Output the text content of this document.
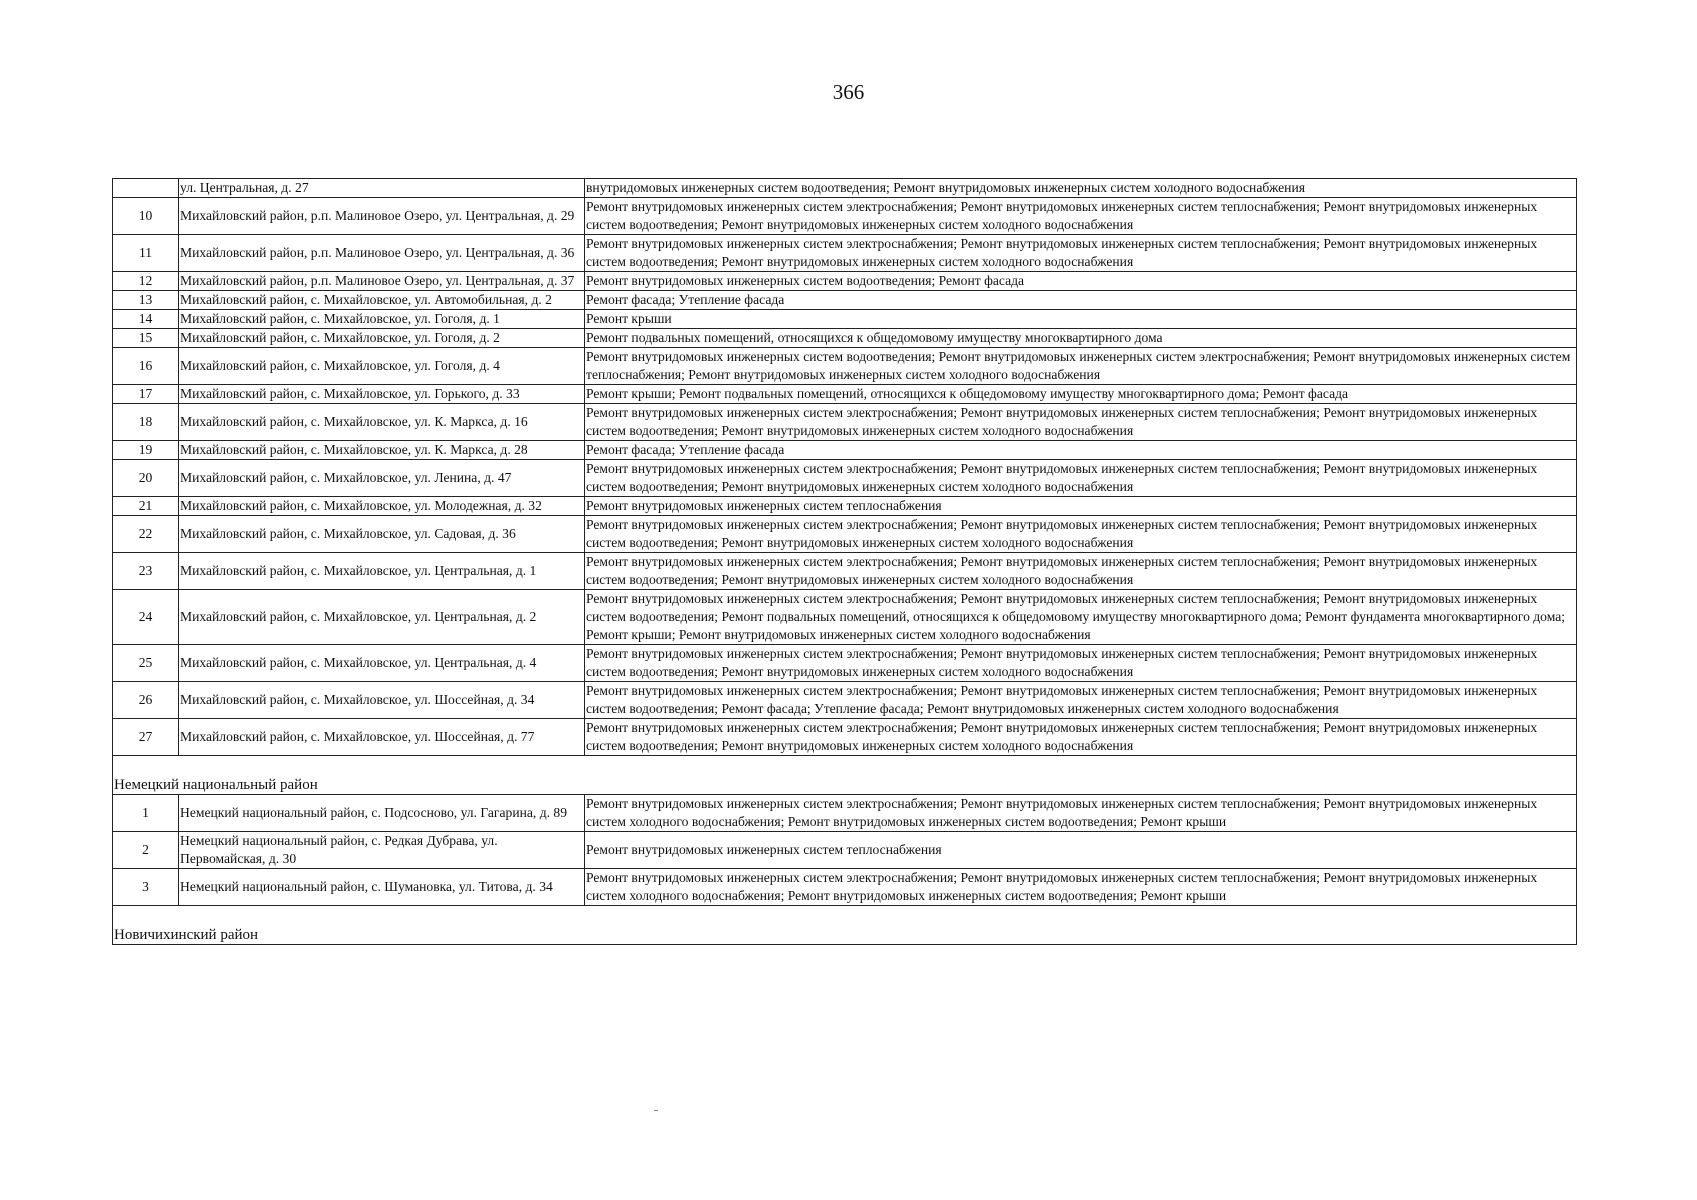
366
	ул. Центральная, д. 27	внутридомовых инженерных систем водоотведения; Ремонт внутридомовых инженерных систем холодного водоснабжения
10	Михайловский район, р.п. Малиновое Озеро, ул. Центральная, д. 29	Ремонт внутридомовых инженерных систем электроснабжения; Ремонт внутридомовых инженерных систем теплоснабжения; Ремонт внутридомовых инженерных систем водоотведения; Ремонт внутридомовых инженерных систем холодного водоснабжения
11	Михайловский район, р.п. Малиновое Озеро, ул. Центральная, д. 36	Ремонт внутридомовых инженерных систем электроснабжения; Ремонт внутридомовых инженерных систем теплоснабжения; Ремонт внутридомовых инженерных систем водоотведения; Ремонт внутридомовых инженерных систем холодного водоснабжения
12	Михайловский район, р.п. Малиновое Озеро, ул. Центральная, д. 37	Ремонт внутридомовых инженерных систем водоотведения; Ремонт фасада
13	Михайловский район, с. Михайловское, ул. Автомобильная, д. 2	Ремонт фасада; Утепление фасада
14	Михайловский район, с. Михайловское, ул. Гоголя, д. 1	Ремонт крыши
15	Михайловский район, с. Михайловское, ул. Гоголя, д. 2	Ремонт подвальных помещений, относящихся к общедомовому имуществу многоквартирного дома
16	Михайловский район, с. Михайловское, ул. Гоголя, д. 4	Ремонт внутридомовых инженерных систем водоотведения; Ремонт внутридомовых инженерных систем электроснабжения; Ремонт внутридомовых инженерных систем теплоснабжения; Ремонт внутридомовых инженерных систем холодного водоснабжения
17	Михайловский район, с. Михайловское, ул. Горького, д. 33	Ремонт крыши; Ремонт подвальных помещений, относящихся к общедомовому имуществу многоквартирного дома; Ремонт фасада
18	Михайловский район, с. Михайловское, ул. К. Маркса, д. 16	Ремонт внутридомовых инженерных систем электроснабжения; Ремонт внутридомовых инженерных систем теплоснабжения; Ремонт внутридомовых инженерных систем водоотведения; Ремонт внутридомовых инженерных систем холодного водоснабжения
19	Михайловский район, с. Михайловское, ул. К. Маркса, д. 28	Ремонт фасада; Утепление фасада
20	Михайловский район, с. Михайловское, ул. Ленина, д. 47	Ремонт внутридомовых инженерных систем электроснабжения; Ремонт внутридомовых инженерных систем теплоснабжения; Ремонт внутридомовых инженерных систем водоотведения; Ремонт внутридомовых инженерных систем холодного водоснабжения
21	Михайловский район, с. Михайловское, ул. Молодежная, д. 32	Ремонт внутридомовых инженерных систем теплоснабжения
22	Михайловский район, с. Михайловское, ул. Садовая, д. 36	Ремонт внутридомовых инженерных систем электроснабжения; Ремонт внутридомовых инженерных систем теплоснабжения; Ремонт внутридомовых инженерных систем водоотведения; Ремонт внутридомовых инженерных систем холодного водоснабжения
23	Михайловский район, с. Михайловское, ул. Центральная, д. 1	Ремонт внутридомовых инженерных систем электроснабжения; Ремонт внутридомовых инженерных систем теплоснабжения; Ремонт внутридомовых инженерных систем водоотведения; Ремонт внутридомовых инженерных систем холодного водоснабжения
24	Михайловский район, с. Михайловское, ул. Центральная, д. 2	Ремонт внутридомовых инженерных систем электроснабжения; Ремонт внутридомовых инженерных систем теплоснабжения; Ремонт внутридомовых инженерных систем водоотведения; Ремонт подвальных помещений, относящихся к общедомовому имуществу многоквартирного дома; Ремонт фундамента многоквартирного дома; Ремонт крыши; Ремонт внутридомовых инженерных систем холодного водоснабжения
25	Михайловский район, с. Михайловское, ул. Центральная, д. 4	Ремонт внутридомовых инженерных систем электроснабжения; Ремонт внутридомовых инженерных систем теплоснабжения; Ремонт внутридомовых инженерных систем водоотведения; Ремонт внутридомовых инженерных систем холодного водоснабжения
26	Михайловский район, с. Михайловское, ул. Шоссейная, д. 34	Ремонт внутридомовых инженерных систем электроснабжения; Ремонт внутридомовых инженерных систем теплоснабжения; Ремонт внутридомовых инженерных систем водоотведения; Ремонт фасада; Утепление фасада; Ремонт внутридомовых инженерных систем холодного водоснабжения
27	Михайловский район, с. Михайловское, ул. Шоссейная, д. 77	Ремонт внутридомовых инженерных систем электроснабжения; Ремонт внутридомовых инженерных систем теплоснабжения; Ремонт внутридомовых инженерных систем водоотведения; Ремонт внутридомовых инженерных систем холодного водоснабжения
Немецкий национальный район		
1	Немецкий национальный район, с. Подсосново, ул. Гагарина, д. 89	Ремонт внутридомовых инженерных систем электроснабжения; Ремонт внутридомовых инженерных систем теплоснабжения; Ремонт внутридомовых инженерных систем холодного водоснабжения; Ремонт внутридомовых инженерных систем водоотведения; Ремонт крыши
2	Немецкий национальный район, с. Редкая Дубрава, ул. Первомайская, д. 30	Ремонт внутридомовых инженерных систем теплоснабжения
3	Немецкий национальный район, с. Шумановка, ул. Титова, д. 34	Ремонт внутридомовых инженерных систем электроснабжения; Ремонт внутридомовых инженерных систем теплоснабжения; Ремонт внутридомовых инженерных систем холодного водоснабжения; Ремонт внутридомовых инженерных систем водоотведения; Ремонт крыши
Новичихинский район		
